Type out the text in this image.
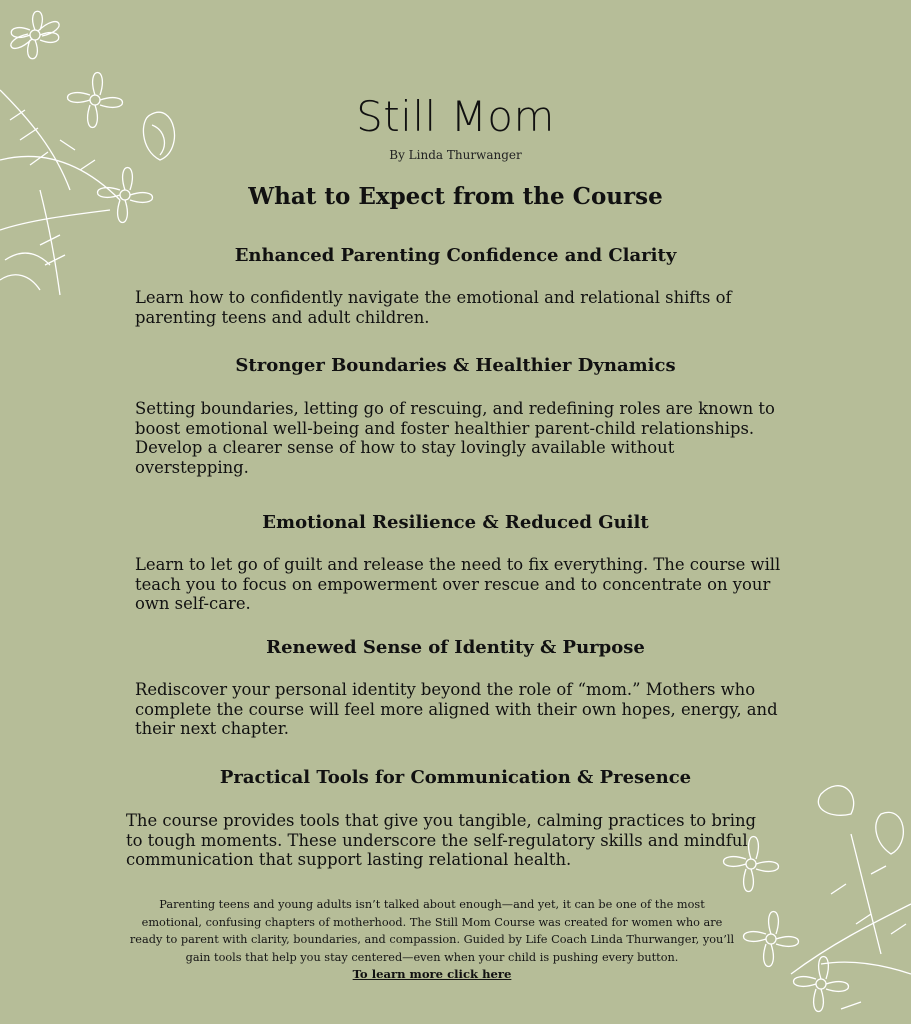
Still Mom
By Linda Thurwanger
What to Expect from the Course
Enhanced Parenting Confidence and Clarity
Learn how to confidently navigate the emotional and relational shifts of parenting teens and adult children.
Stronger Boundaries & Healthier Dynamics
Setting boundaries, letting go of rescuing, and redefining roles are known to boost emotional well-being and foster healthier parent-child relationships. Develop a clearer sense of how to stay lovingly available without overstepping.
Emotional Resilience & Reduced Guilt
Learn to let go of guilt and release the need to fix everything. The course will teach you to focus on empowerment over rescue and to concentrate on your own self-care.
Renewed Sense of Identity & Purpose
Rediscover your personal identity beyond the role of “mom.” Mothers who complete the course will feel more aligned with their own hopes, energy, and their next chapter.
Practical Tools for Communication & Presence
The course provides tools that give you tangible, calming practices to bring to tough moments. These underscore the self-regulatory skills and mindful communication that support lasting relational health.
Parenting teens and young adults isn’t talked about enough—and yet, it can be one of the most emotional, confusing chapters of motherhood. The Still Mom Course was created for women who are ready to parent with clarity, boundaries, and compassion. Guided by Life Coach Linda Thurwanger, you’ll gain tools that help you stay centered—even when your child is pushing every button.
To learn more click here
